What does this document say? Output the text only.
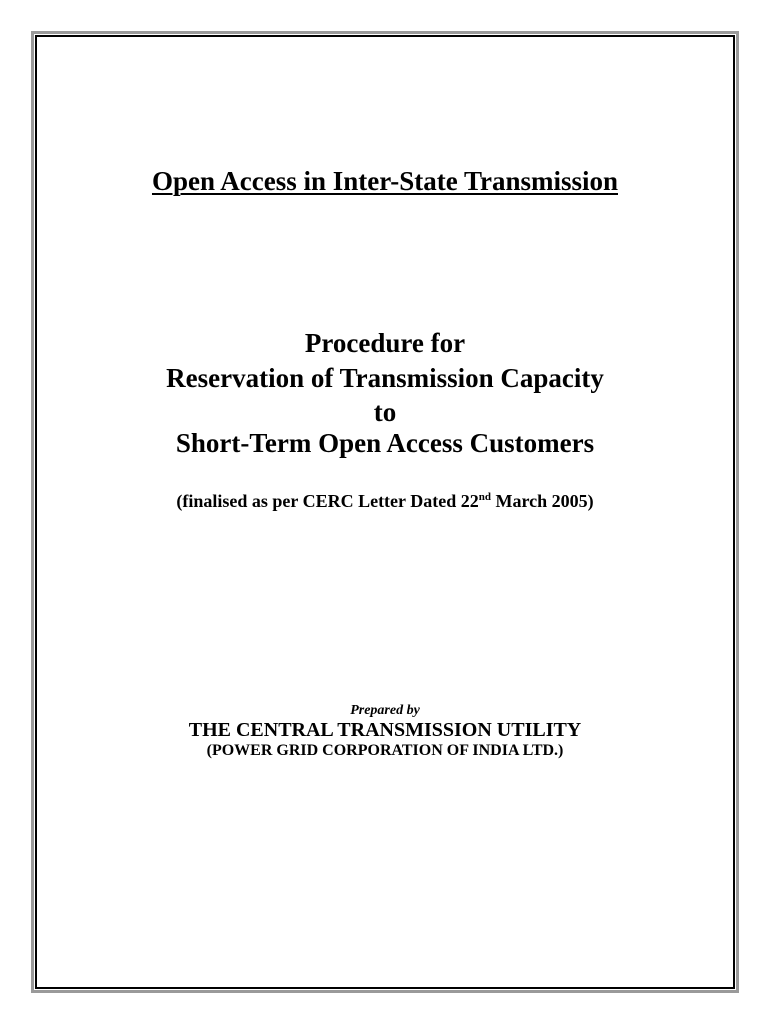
Open Access in Inter-State Transmission
Procedure for
Reservation of Transmission Capacity
to
Short-Term Open Access Customers
(finalised as per CERC Letter Dated 22nd March 2005)
Prepared by
THE CENTRAL TRANSMISSION UTILITY
(POWER GRID CORPORATION OF INDIA LTD.)
